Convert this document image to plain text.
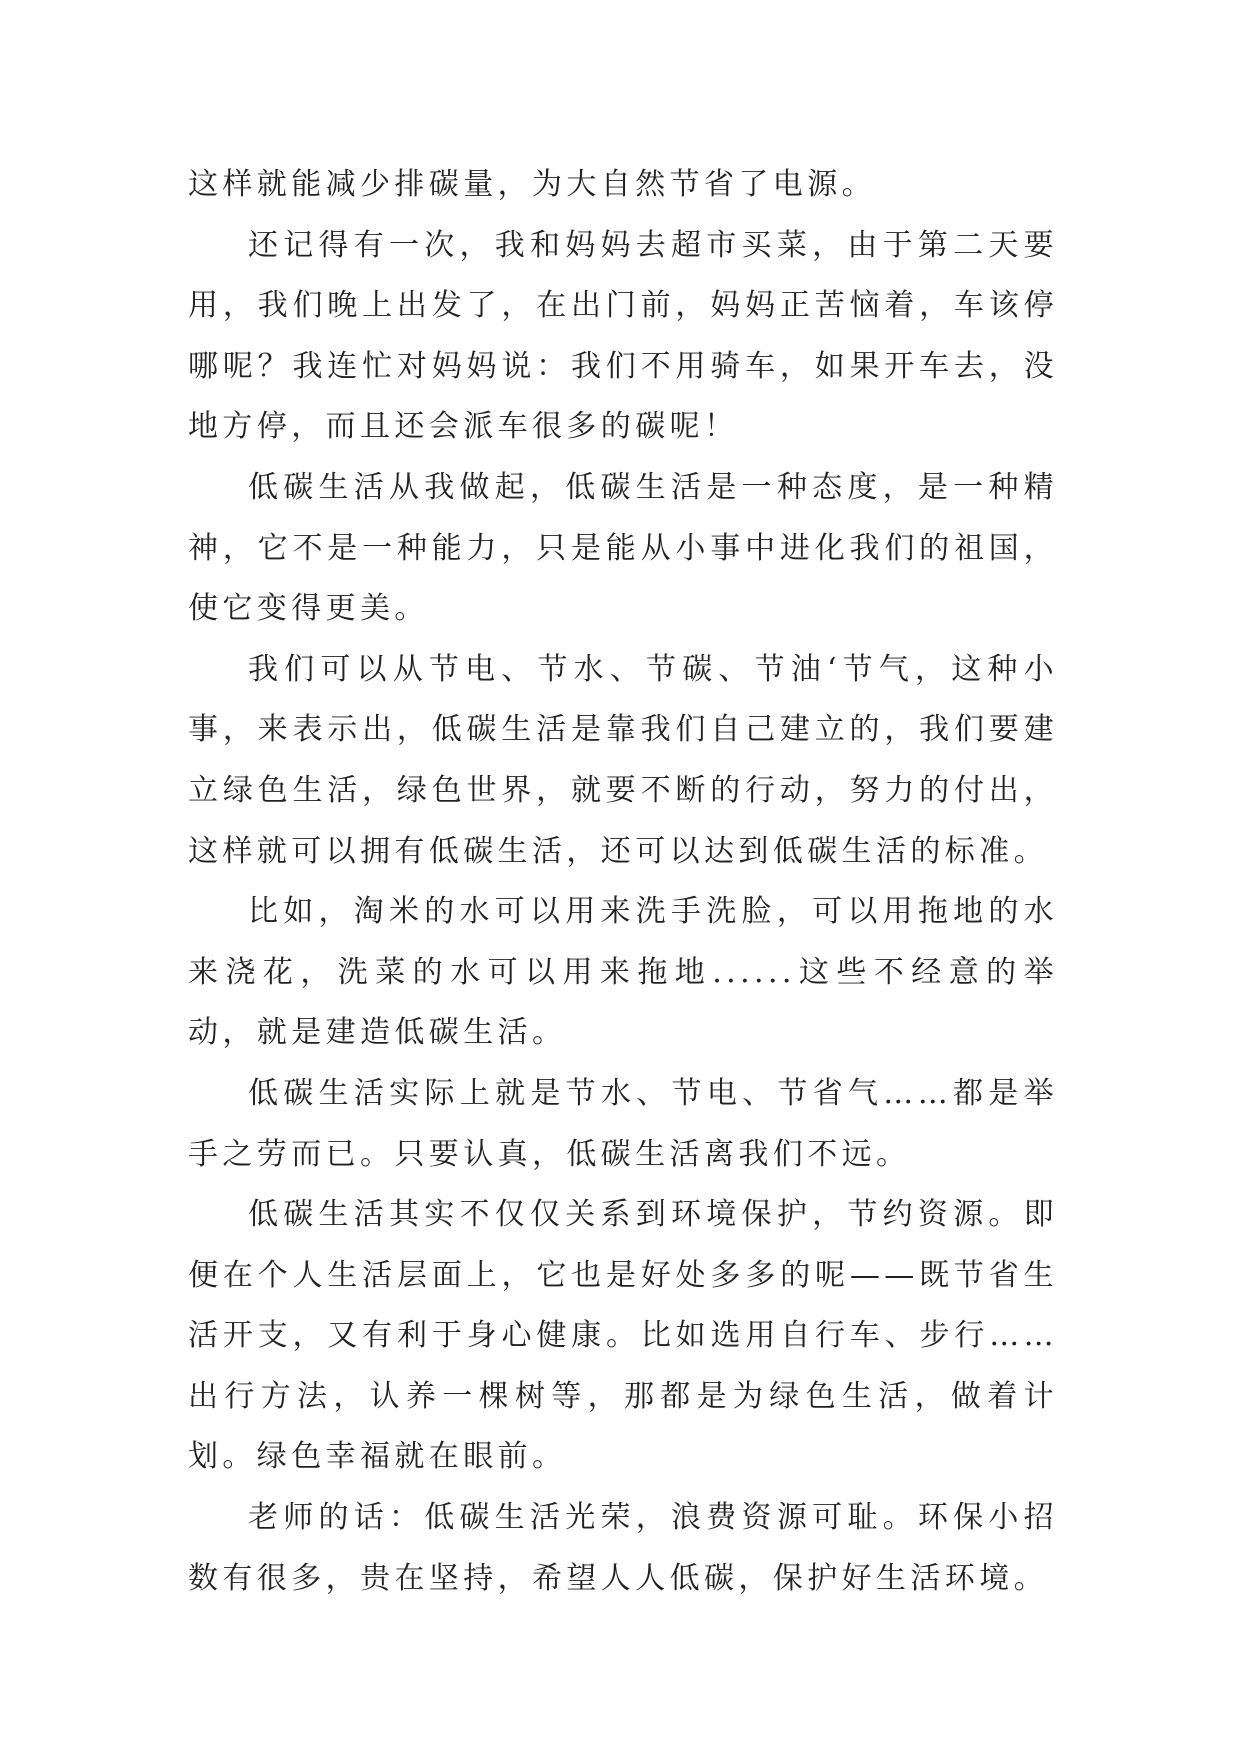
这样就能减少排碳量，为大自然节省了电源。

还记得有一次，我和妈妈去超市买菜，由于第二天要用，我们晚上出发了，在出门前，妈妈正苦恼着，车该停哪呢？我连忙对妈妈说：我们不用骑车，如果开车去，没地方停，而且还会派车很多的碳呢！

低碳生活从我做起，低碳生活是一种态度，是一种精神，它不是一种能力，只是能从小事中进化我们的祖国，使它变得更美。

我们可以从节电、节水、节碳、节油‘节气，这种小事，来表示出，低碳生活是靠我们自己建立的，我们要建立绿色生活，绿色世界，就要不断的行动，努力的付出，这样就可以拥有低碳生活，还可以达到低碳生活的标准。

比如，淘米的水可以用来洗手洗脸，可以用拖地的水来浇花，洗菜的水可以用来拖地......这些不经意的举动，就是建造低碳生活。

低碳生活实际上就是节水、节电、节省气……都是举手之劳而已。只要认真，低碳生活离我们不远。

低碳生活其实不仅仅关系到环境保护，节约资源。即便在个人生活层面上，它也是好处多多的呢——既节省生活开支，又有利于身心健康。比如选用自行车、步行……出行方法，认养一棵树等，那都是为绿色生活，做着计划。绿色幸福就在眼前。

老师的话：低碳生活光荣，浪费资源可耻。环保小招数有很多，贵在坚持，希望人人低碳，保护好生活环境。
